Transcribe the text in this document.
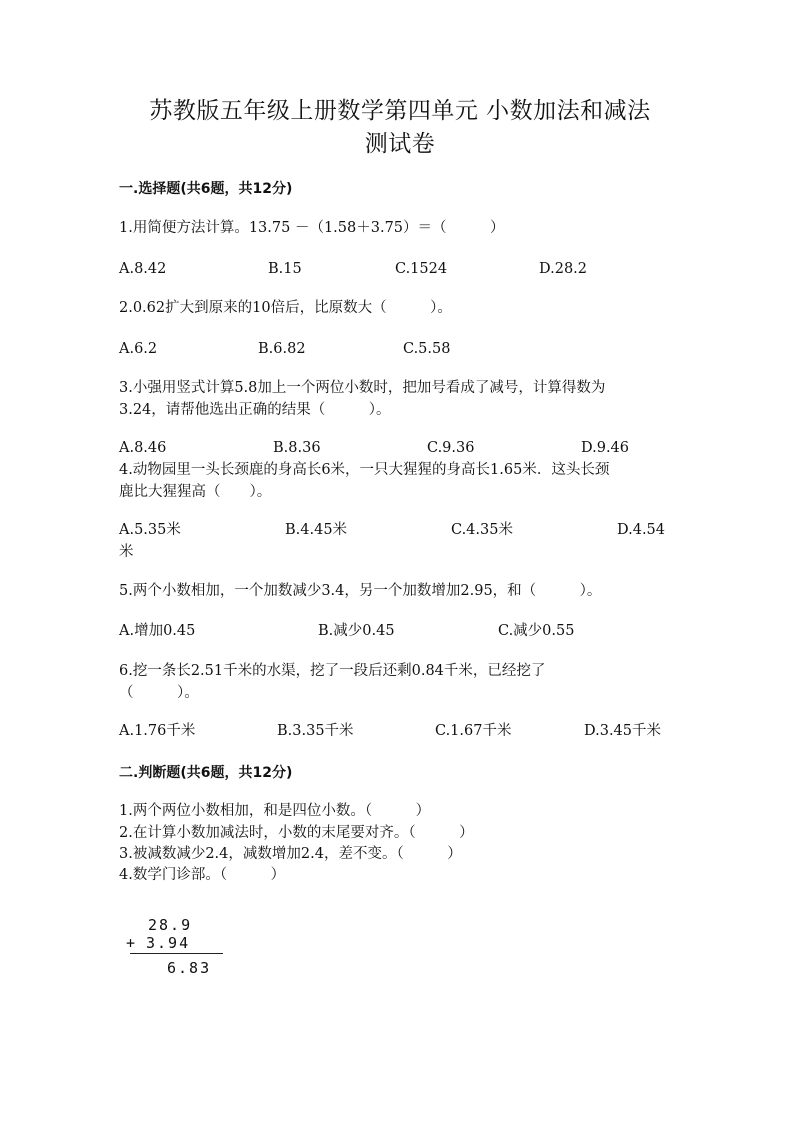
苏教版五年级上册数学第四单元 小数加法和减法
测试卷
一.选择题(共6题，共12分)
1.用简便方法计算。13.75 －（1.58＋3.75）＝（　　　）
A.8.42	B.15	C.1524	D.28.2
2.0.62扩大到原来的10倍后，比原数大（　　　）。
A.6.2	B.6.82	C.5.58
3.小强用竖式计算5.8加上一个两位小数时，把加号看成了减号，计算得数为
3.24，请帮他选出正确的结果（　　　）。
A.8.46	B.8.36	C.9.36	D.9.46
4.动物园里一头长颈鹿的身高长6米，一只大猩猩的身高长1.65米．这头长颈
鹿比大猩猩高（　　）。
A.5.35米	B.4.45米	C.4.35米	D.4.54
米
5.两个小数相加，一个加数减少3.4，另一个加数增加2.95，和（　　　）。
A.增加0.45	B.减少0.45	C.减少0.55
6.挖一条长2.51千米的水渠，挖了一段后还剩0.84千米，已经挖了
（　　　）。
A.1.76千米	B.3.35千米	C.1.67千米	D.3.45千米
二.判断题(共6题，共12分)
1.两个两位小数相加，和是四位小数。（　　　）
2.在计算小数加减法时，小数的末尾要对齐。（　　　）
3.被减数减少2.4，减数增加2.4，差不变。（　　　）
4.数学门诊部。（　　　）
28.9
+ 3.94
6.83
